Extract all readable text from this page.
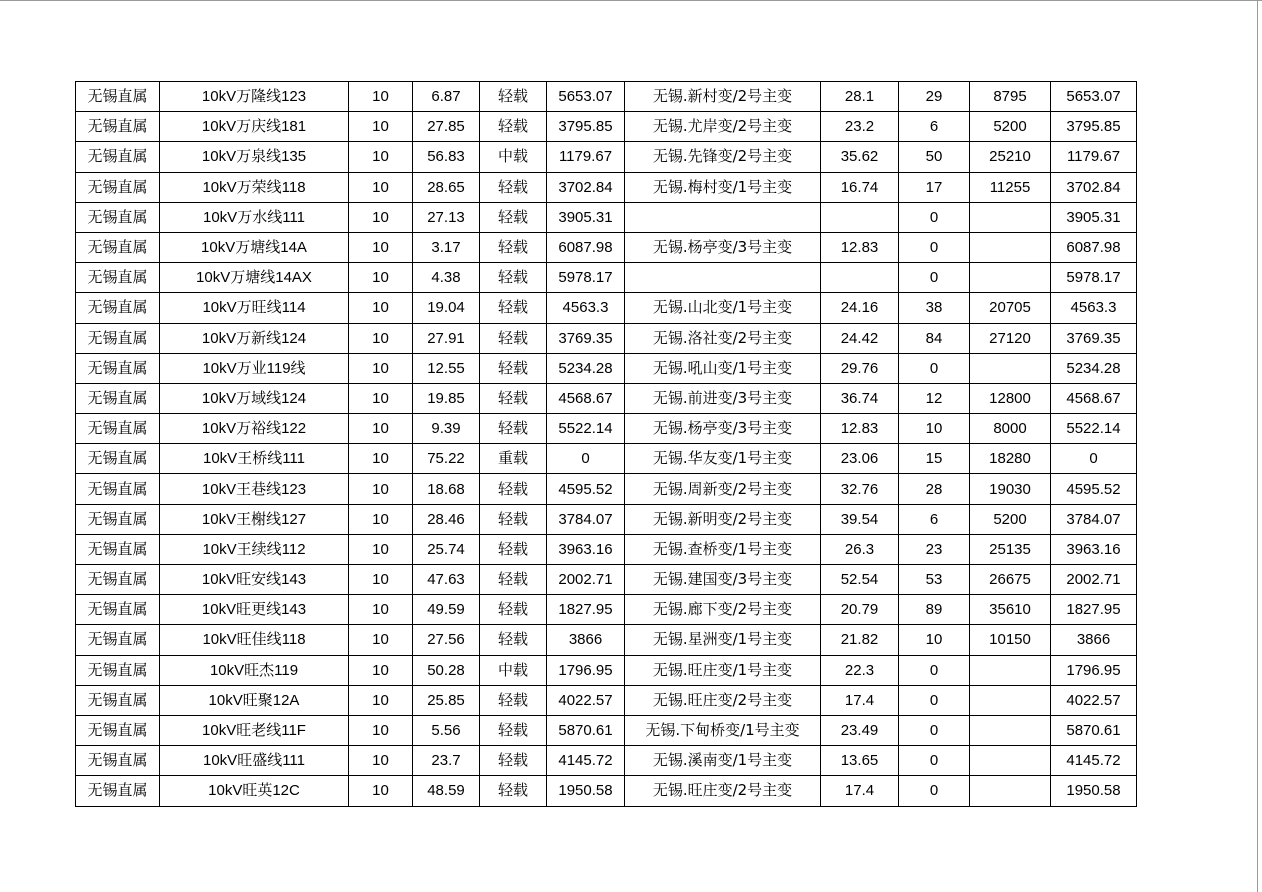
无锡直属	10kV万隆线123	10	6.87	轻载	5653.07	无锡.新村变/2号主变	28.1	29	8795	5653.07
无锡直属	10kV万庆线181	10	27.85	轻载	3795.85	无锡.尤岸变/2号主变	23.2	6	5200	3795.85
无锡直属	10kV万泉线135	10	56.83	中载	1179.67	无锡.先锋变/2号主变	35.62	50	25210	1179.67
无锡直属	10kV万荣线118	10	28.65	轻载	3702.84	无锡.梅村变/1号主变	16.74	17	11255	3702.84
无锡直属	10kV万水线111	10	27.13	轻载	3905.31			0		3905.31
无锡直属	10kV万塘线14A	10	3.17	轻载	6087.98	无锡.杨亭变/3号主变	12.83	0		6087.98
无锡直属	10kV万塘线14AX	10	4.38	轻载	5978.17			0		5978.17
无锡直属	10kV万旺线114	10	19.04	轻载	4563.3	无锡.山北变/1号主变	24.16	38	20705	4563.3
无锡直属	10kV万新线124	10	27.91	轻载	3769.35	无锡.洛社变/2号主变	24.42	84	27120	3769.35
无锡直属	10kV万业119线	10	12.55	轻载	5234.28	无锡.吼山变/1号主变	29.76	0		5234.28
无锡直属	10kV万域线124	10	19.85	轻载	4568.67	无锡.前进变/3号主变	36.74	12	12800	4568.67
无锡直属	10kV万裕线122	10	9.39	轻载	5522.14	无锡.杨亭变/3号主变	12.83	10	8000	5522.14
无锡直属	10kV王桥线111	10	75.22	重载	0	无锡.华友变/1号主变	23.06	15	18280	0
无锡直属	10kV王巷线123	10	18.68	轻载	4595.52	无锡.周新变/2号主变	32.76	28	19030	4595.52
无锡直属	10kV王榭线127	10	28.46	轻载	3784.07	无锡.新明变/2号主变	39.54	6	5200	3784.07
无锡直属	10kV王续线112	10	25.74	轻载	3963.16	无锡.查桥变/1号主变	26.3	23	25135	3963.16
无锡直属	10kV旺安线143	10	47.63	轻载	2002.71	无锡.建国变/3号主变	52.54	53	26675	2002.71
无锡直属	10kV旺更线143	10	49.59	轻载	1827.95	无锡.廊下变/2号主变	20.79	89	35610	1827.95
无锡直属	10kV旺佳线118	10	27.56	轻载	3866	无锡.星洲变/1号主变	21.82	10	10150	3866
无锡直属	10kV旺杰119	10	50.28	中载	1796.95	无锡.旺庄变/1号主变	22.3	0		1796.95
无锡直属	10kV旺聚12A	10	25.85	轻载	4022.57	无锡.旺庄变/2号主变	17.4	0		4022.57
无锡直属	10kV旺老线11F	10	5.56	轻载	5870.61	无锡.下甸桥变/1号主变	23.49	0		5870.61
无锡直属	10kV旺盛线111	10	23.7	轻载	4145.72	无锡.溪南变/1号主变	13.65	0		4145.72
无锡直属	10kV旺英12C	10	48.59	轻载	1950.58	无锡.旺庄变/2号主变	17.4	0		1950.58
